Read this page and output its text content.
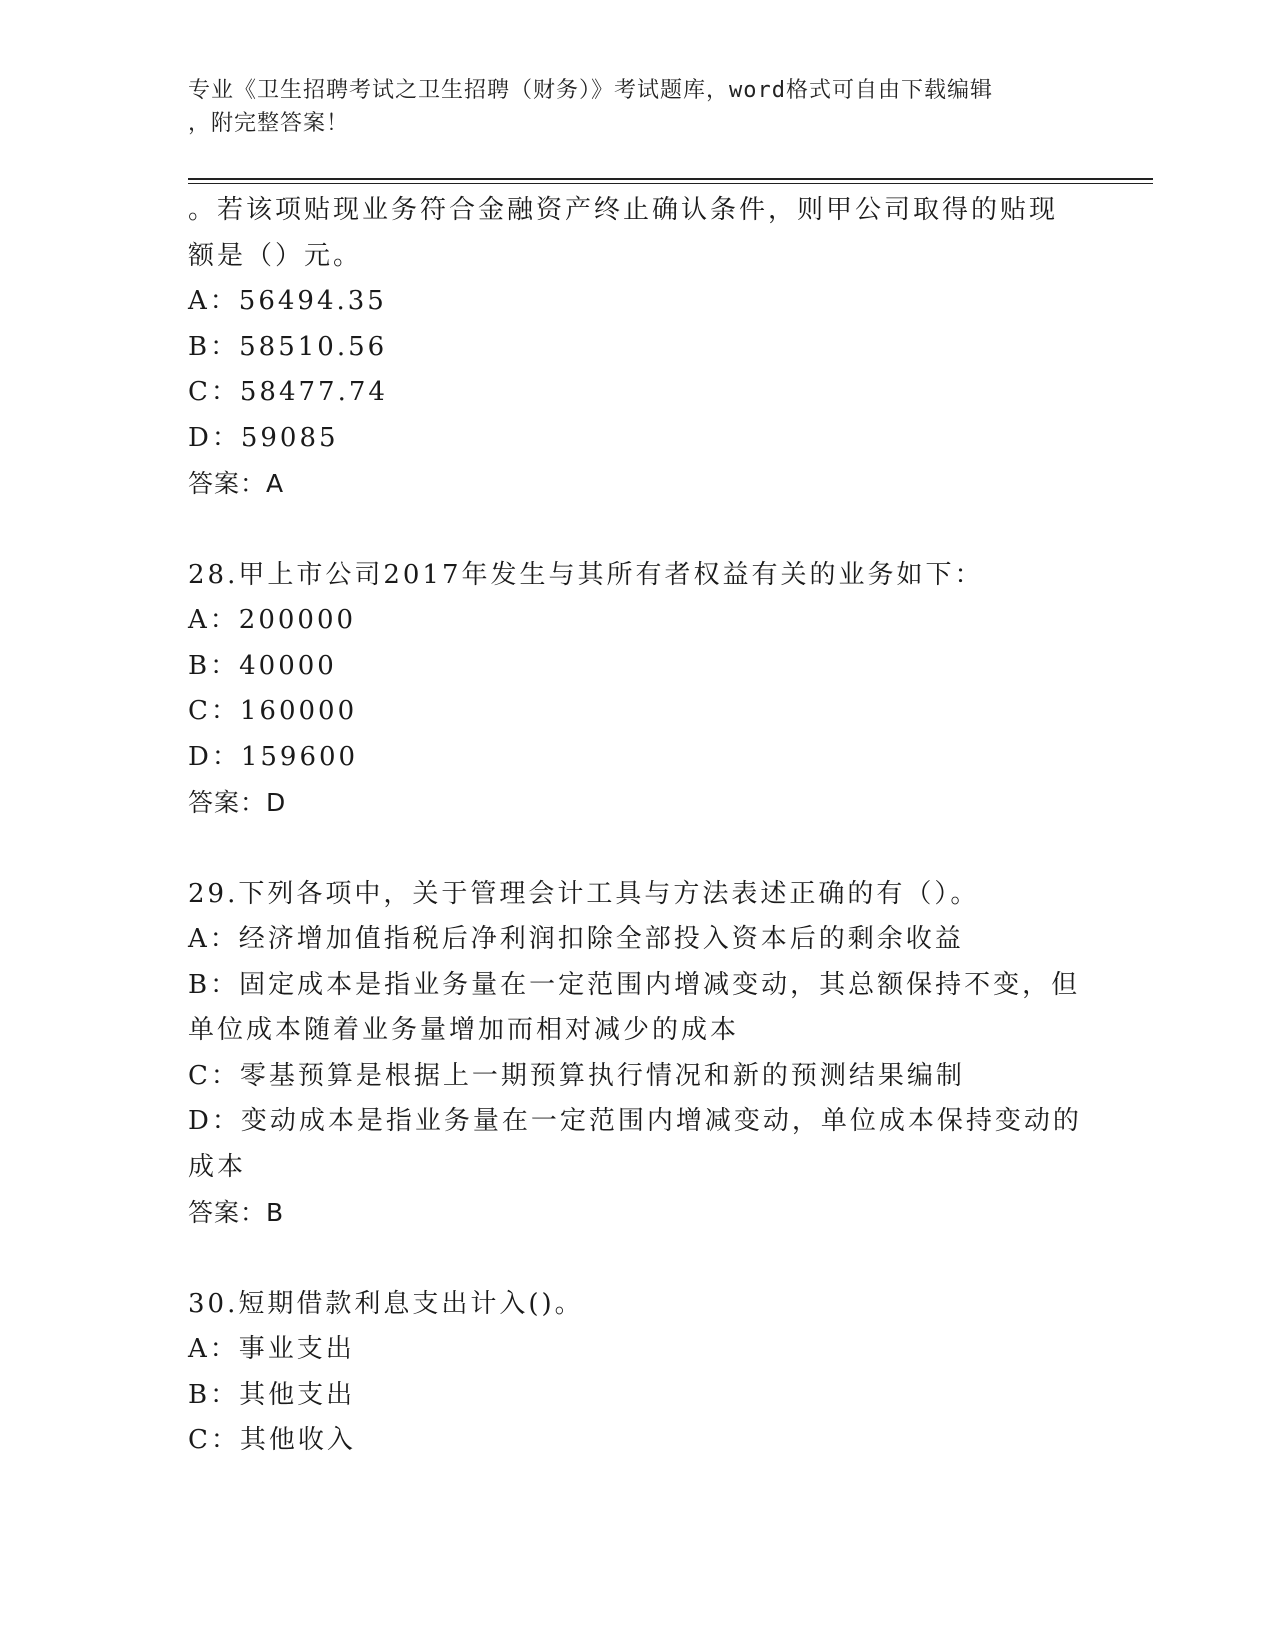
专业《卫生招聘考试之卫生招聘（财务）》考试题库，word格式可自由下载编辑
，附完整答案！

。若该项贴现业务符合金融资产终止确认条件，则甲公司取得的贴现

额是（）元。

A：56494.35

B：58510.56

C：58477.74

D：59085

答案：A

28.甲上市公司2017年发生与其所有者权益有关的业务如下：

A：200000

B：40000

C：160000

D：159600

答案：D

29.下列各项中，关于管理会计工具与方法表述正确的有（）。

A：经济增加值指税后净利润扣除全部投入资本后的剩余收益

B：固定成本是指业务量在一定范围内增减变动，其总额保持不变，但

单位成本随着业务量增加而相对减少的成本

C：零基预算是根据上一期预算执行情况和新的预测结果编制

D：变动成本是指业务量在一定范围内增减变动，单位成本保持变动的

成本

答案：B

30.短期借款利息支出计入()。

A：事业支出

B：其他支出

C：其他收入
